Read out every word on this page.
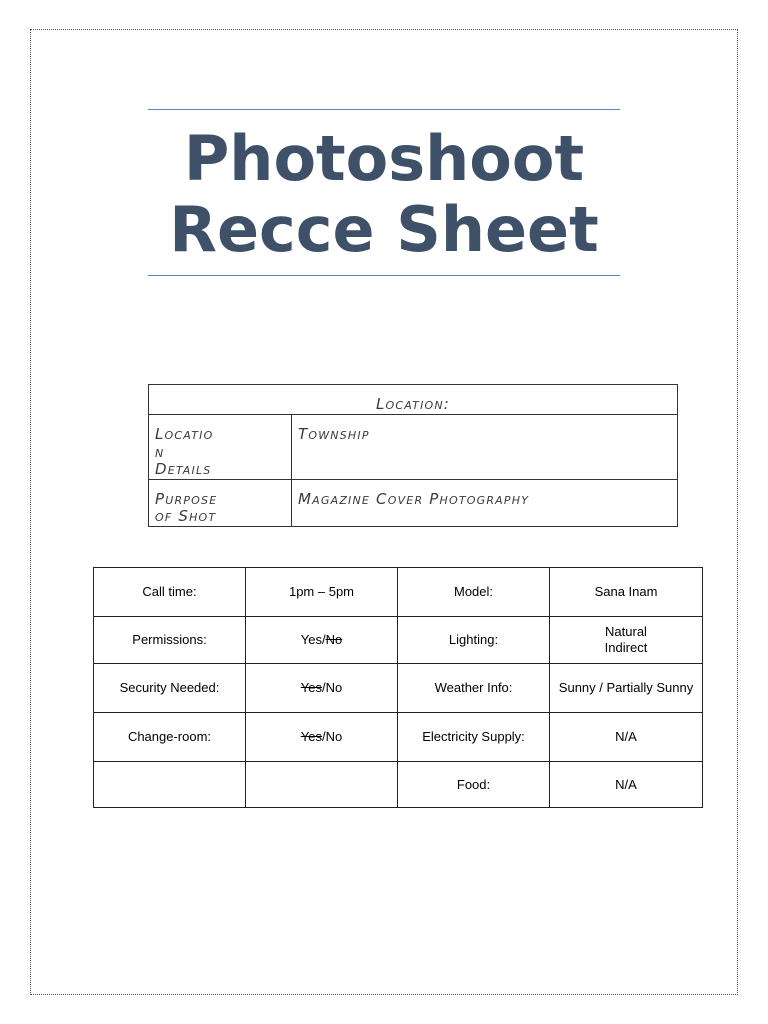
Photoshoot
Recce Sheet
Location:	
Locatio
n
Details	Township
Purpose
of Shot	Magazine Cover Photography
Call time:	1pm – 5pm	Model:	Sana Inam
Permissions:	Yes/No	Lighting:	Natural
Indirect
Security Needed:	Yes/No	Weather Info:	Sunny / Partially Sunny
Change-room:	Yes/No	Electricity Supply:	N/A
		Food:	N/A
